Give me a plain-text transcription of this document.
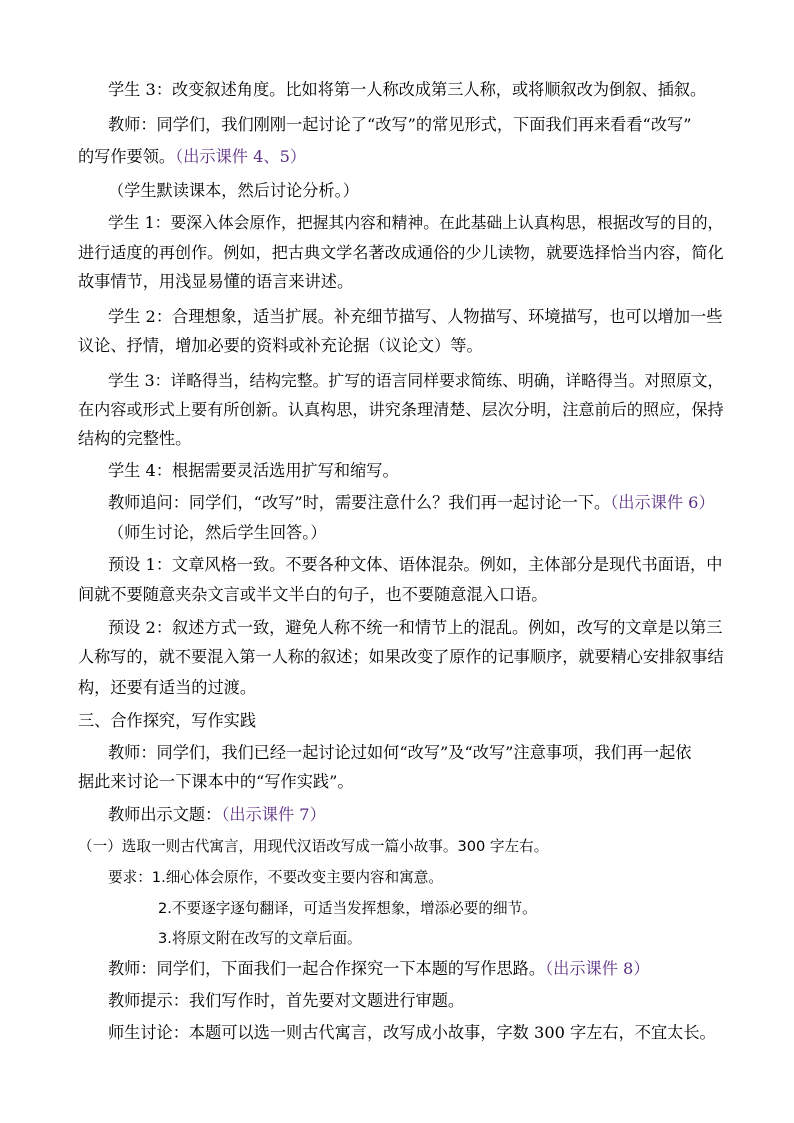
学生 3：改变叙述角度。比如将第一人称改成第三人称，或将顺叙改为倒叙、插叙。
教师：同学们，我们刚刚一起讨论了“改写”的常见形式，下面我们再来看看“改写”
的写作要领。（出示课件 4、5）
（学生默读课本，然后讨论分析。）
学生 1：要深入体会原作，把握其内容和精神。在此基础上认真构思，根据改写的目的，
进行适度的再创作。例如，把古典文学名著改成通俗的少儿读物，就要选择恰当内容，简化
故事情节，用浅显易懂的语言来讲述。
学生 2：合理想象，适当扩展。补充细节描写、人物描写、环境描写，也可以增加一些
议论、抒情，增加必要的资料或补充论据（议论文）等。
学生 3：详略得当，结构完整。扩写的语言同样要求简练、明确，详略得当。对照原文，
在内容或形式上要有所创新。认真构思，讲究条理清楚、层次分明，注意前后的照应，保持
结构的完整性。
学生 4：根据需要灵活选用扩写和缩写。
教师追问：同学们，“改写”时，需要注意什么？我们再一起讨论一下。（出示课件 6）
（师生讨论，然后学生回答。）
预设 1：文章风格一致。不要各种文体、语体混杂。例如，主体部分是现代书面语，中
间就不要随意夹杂文言或半文半白的句子，也不要随意混入口语。
预设 2：叙述方式一致，避免人称不统一和情节上的混乱。例如，改写的文章是以第三
人称写的，就不要混入第一人称的叙述；如果改变了原作的记事顺序，就要精心安排叙事结
构，还要有适当的过渡。
三、合作探究，写作实践
教师：同学们，我们已经一起讨论过如何“改写”及“改写”注意事项，我们再一起依
据此来讨论一下课本中的“写作实践”。
教师出示文题：（出示课件 7）
（一）选取一则古代寓言，用现代汉语改写成一篇小故事。300 字左右。
要求：1.细心体会原作，不要改变主要内容和寓意。
2.不要逐字逐句翻译，可适当发挥想象，增添必要的细节。
3.将原文附在改写的文章后面。
教师：同学们，下面我们一起合作探究一下本题的写作思路。（出示课件 8）
教师提示：我们写作时，首先要对文题进行审题。
师生讨论：本题可以选一则古代寓言，改写成小故事，字数 300 字左右，不宜太长。
